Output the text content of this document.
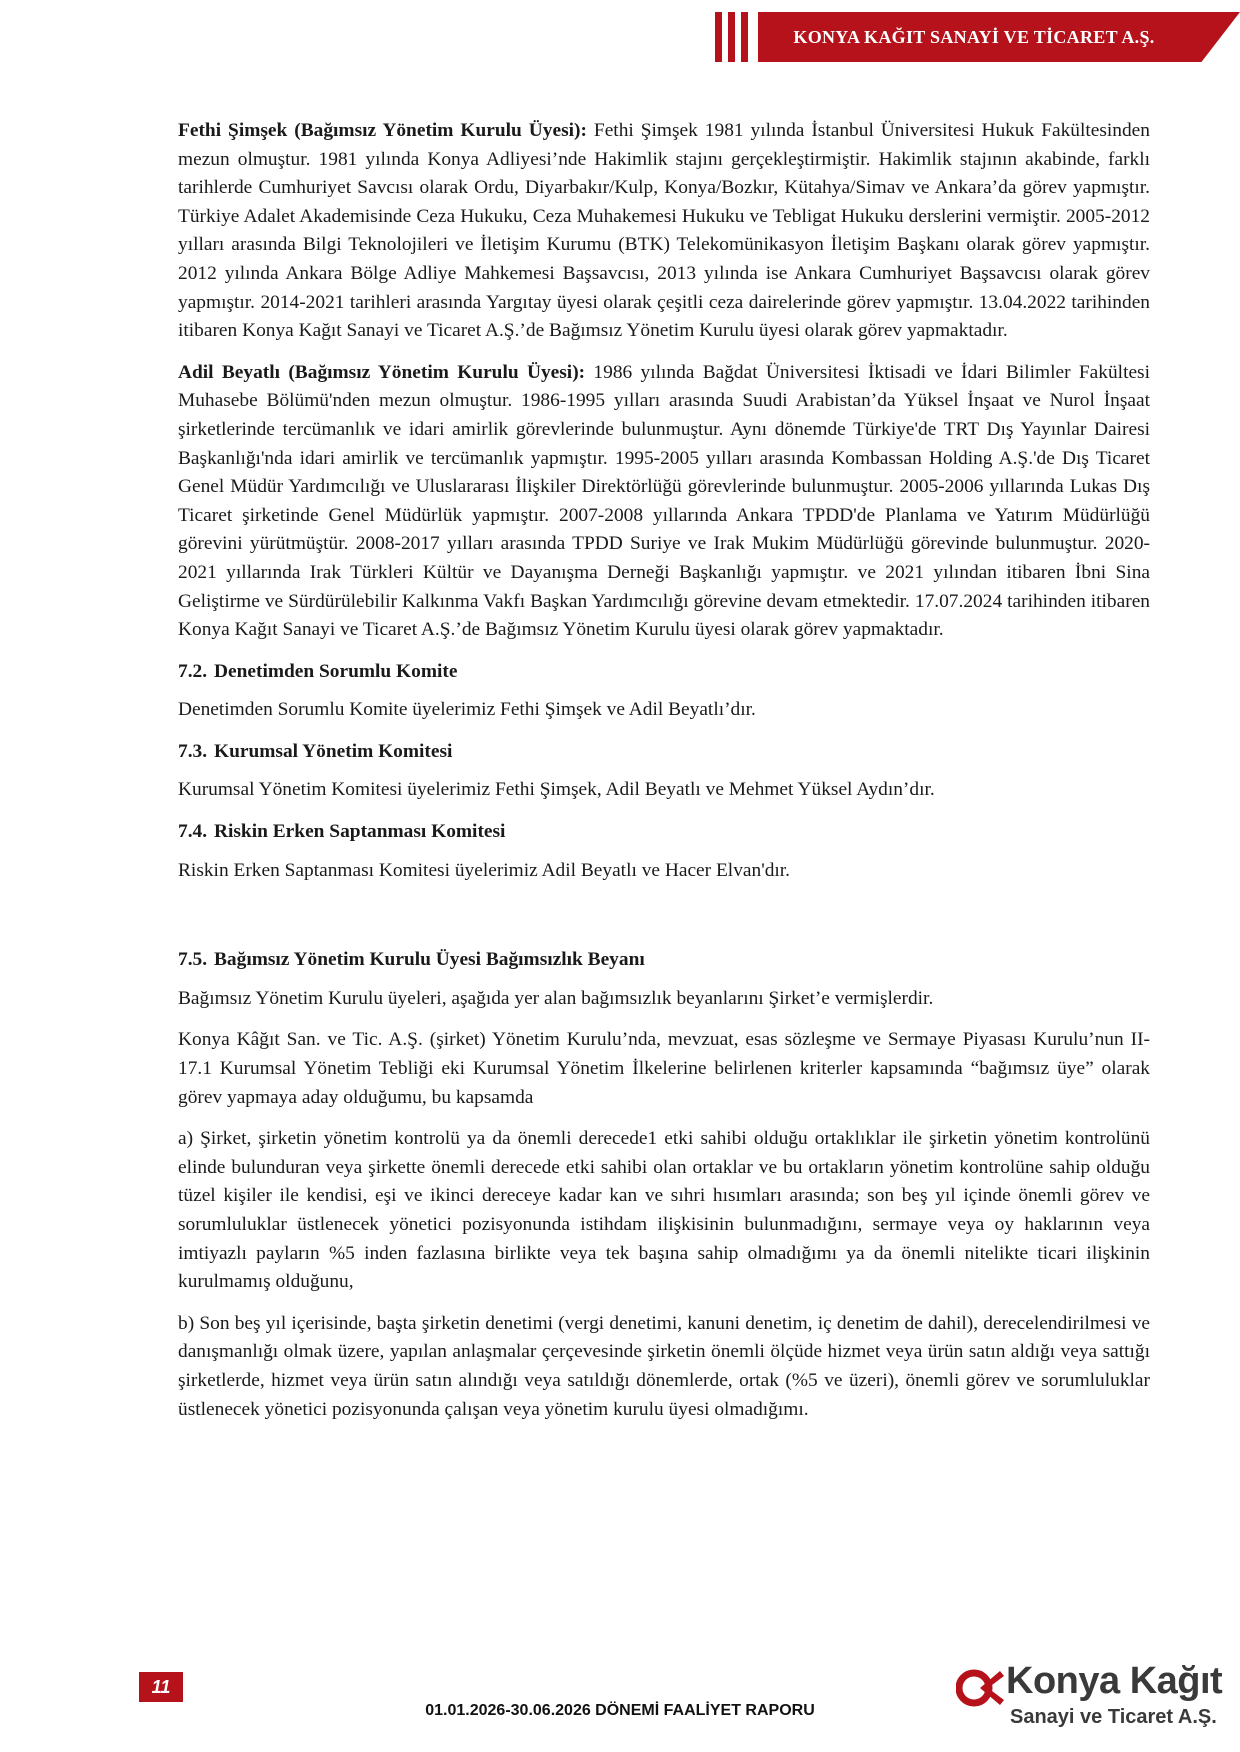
KONYA KAĞIT SANAYİ VE TİCARET A.Ş.

Fethi Şimşek (Bağımsız Yönetim Kurulu Üyesi): Fethi Şimşek 1981 yılında İstanbul Üniversitesi Hukuk Fakültesinden mezun olmuştur. 1981 yılında Konya Adliyesi’nde Hakimlik stajını gerçekleştirmiştir. Hakimlik stajının akabinde, farklı tarihlerde Cumhuriyet Savcısı olarak Ordu, Diyarbakır/Kulp, Konya/Bozkır, Kütahya/Simav ve Ankara’da görev yapmıştır. Türkiye Adalet Akademisinde Ceza Hukuku, Ceza Muhakemesi Hukuku ve Tebligat Hukuku derslerini vermiştir. 2005-2012 yılları arasında Bilgi Teknolojileri ve İletişim Kurumu (BTK) Telekomünikasyon İletişim Başkanı olarak görev yapmıştır. 2012 yılında Ankara Bölge Adliye Mahkemesi Başsavcısı, 2013 yılında ise Ankara Cumhuriyet Başsavcısı olarak görev yapmıştır. 2014-2021 tarihleri arasında Yargıtay üyesi olarak çeşitli ceza dairelerinde görev yapmıştır. 13.04.2022 tarihinden itibaren Konya Kağıt Sanayi ve Ticaret A.Ş.’de Bağımsız Yönetim Kurulu üyesi olarak görev yapmaktadır.

Adil Beyatlı (Bağımsız Yönetim Kurulu Üyesi): 1986 yılında Bağdat Üniversitesi İktisadi ve İdari Bilimler Fakültesi Muhasebe Bölümü'nden mezun olmuştur. 1986-1995 yılları arasında Suudi Arabistan’da Yüksel İnşaat ve Nurol İnşaat şirketlerinde tercümanlık ve idari amirlik görevlerinde bulunmuştur. Aynı dönemde Türkiye'de TRT Dış Yayınlar Dairesi Başkanlığı'nda idari amirlik ve tercümanlık yapmıştır. 1995-2005 yılları arasında Kombassan Holding A.Ş.'de Dış Ticaret Genel Müdür Yardımcılığı ve Uluslararası İlişkiler Direktörlüğü görevlerinde bulunmuştur. 2005-2006 yıllarında Lukas Dış Ticaret şirketinde Genel Müdürlük yapmıştır. 2007-2008 yıllarında Ankara TPDD'de Planlama ve Yatırım Müdürlüğü görevini yürütmüştür. 2008-2017 yılları arasında TPDD Suriye ve Irak Mukim Müdürlüğü görevinde bulunmuştur. 2020-2021 yıllarında Irak Türkleri Kültür ve Dayanışma Derneği Başkanlığı yapmıştır. ve 2021 yılından itibaren İbni Sina Geliştirme ve Sürdürülebilir Kalkınma Vakfı Başkan Yardımcılığı görevine devam etmektedir. 17.07.2024 tarihinden itibaren Konya Kağıt Sanayi ve Ticaret A.Ş.’de Bağımsız Yönetim Kurulu üyesi olarak görev yapmaktadır.

7.2. Denetimden Sorumlu Komite

Denetimden Sorumlu Komite üyelerimiz Fethi Şimşek ve Adil Beyatlı’dır.

7.3. Kurumsal Yönetim Komitesi

Kurumsal Yönetim Komitesi üyelerimiz Fethi Şimşek, Adil Beyatlı ve Mehmet Yüksel Aydın’dır.

7.4. Riskin Erken Saptanması Komitesi

Riskin Erken Saptanması Komitesi üyelerimiz Adil Beyatlı ve Hacer Elvan'dır.

7.5. Bağımsız Yönetim Kurulu Üyesi Bağımsızlık Beyanı

Bağımsız Yönetim Kurulu üyeleri, aşağıda yer alan bağımsızlık beyanlarını Şirket’e vermişlerdir.

Konya Kâğıt San. ve Tic. A.Ş. (şirket) Yönetim Kurulu’nda, mevzuat, esas sözleşme ve Sermaye Piyasası Kurulu’nun II-17.1 Kurumsal Yönetim Tebliği eki Kurumsal Yönetim İlkelerine belirlenen kriterler kapsamında “bağımsız üye” olarak görev yapmaya aday olduğumu, bu kapsamda

a) Şirket, şirketin yönetim kontrolü ya da önemli derecede1 etki sahibi olduğu ortaklıklar ile şirketin yönetim kontrolünü elinde bulunduran veya şirkette önemli derecede etki sahibi olan ortaklar ve bu ortakların yönetim kontrolüne sahip olduğu tüzel kişiler ile kendisi, eşi ve ikinci dereceye kadar kan ve sıhri hısımları arasında; son beş yıl içinde önemli görev ve sorumluluklar üstlenecek yönetici pozisyonunda istihdam ilişkisinin bulunmadığını, sermaye veya oy haklarının veya imtiyazlı payların %5 inden fazlasına birlikte veya tek başına sahip olmadığımı ya da önemli nitelikte ticari ilişkinin kurulmamış olduğunu,

b) Son beş yıl içerisinde, başta şirketin denetimi (vergi denetimi, kanuni denetim, iç denetim de dahil), derecelendirilmesi ve danışmanlığı olmak üzere, yapılan anlaşmalar çerçevesinde şirketin önemli ölçüde hizmet veya ürün satın aldığı veya sattığı şirketlerde, hizmet veya ürün satın alındığı veya satıldığı dönemlerde, ortak (%5 ve üzeri), önemli görev ve sorumluluklar üstlenecek yönetici pozisyonunda çalışan veya yönetim kurulu üyesi olmadığımı.

11
01.01.2026-30.06.2026 DÖNEMİ FAALİYET RAPORU
Konya Kağıt
Sanayi ve Ticaret A.Ş.
